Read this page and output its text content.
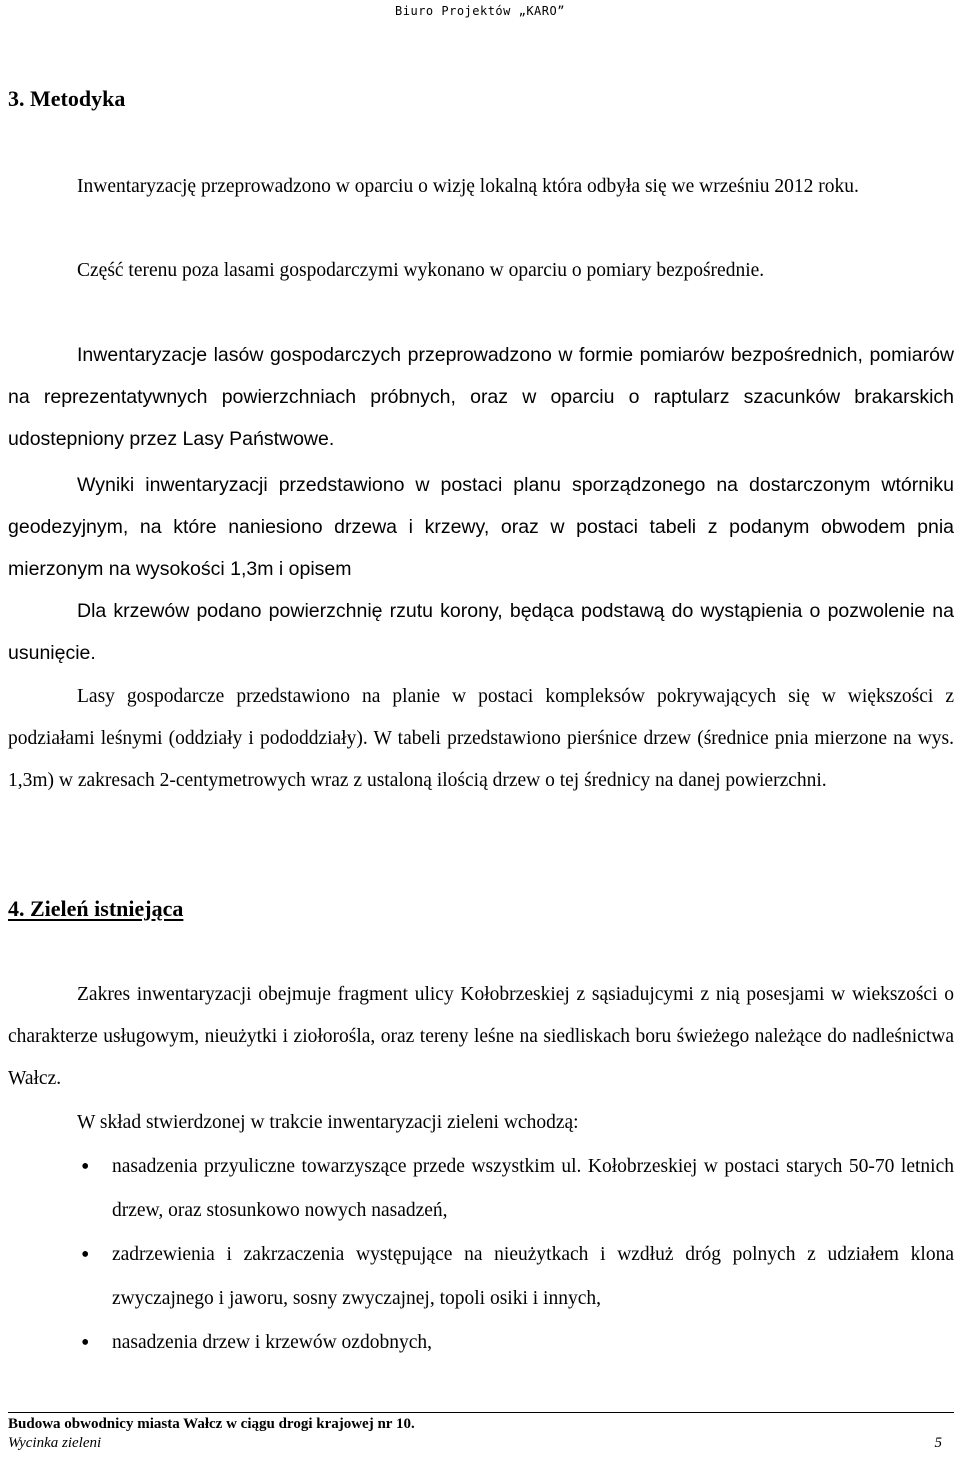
Biuro Projektów „KARO”
3. Metodyka

Inwentaryzację przeprowadzono w oparciu o wizję lokalną która odbyła się we wrześniu 2012 roku.

Część terenu poza lasami gospodarczymi wykonano w oparciu o pomiary bezpośrednie.

Inwentaryzacje lasów gospodarczych przeprowadzono w formie pomiarów bezpośrednich, pomiarów na reprezentatywnych powierzchniach próbnych, oraz w oparciu o raptularz szacunków brakarskich udostepniony przez Lasy Państwowe.

Wyniki inwentaryzacji przedstawiono w postaci planu sporządzonego na dostarczonym wtórniku geodezyjnym, na które naniesiono drzewa i krzewy, oraz w postaci tabeli z podanym obwodem pnia mierzonym na wysokości 1,3m i opisem

Dla krzewów podano powierzchnię rzutu korony, będąca podstawą do wystąpienia o pozwolenie na usunięcie.

Lasy gospodarcze przedstawiono na planie w postaci kompleksów pokrywających się w większości z podziałami leśnymi (oddziały i pododdziały). W tabeli przedstawiono pierśnice drzew (średnice pnia mierzone na wys. 1,3m) w zakresach 2-centymetrowych wraz z ustaloną ilością drzew o tej średnicy na danej powierzchni.

4. Zieleń istniejąca

Zakres inwentaryzacji obejmuje fragment ulicy Kołobrzeskiej z sąsiadujcymi z nią posesjami w wiekszości o charakterze usługowym, nieużytki i ziołorośla, oraz tereny leśne na siedliskach boru świeżego należące do nadleśnictwa Wałcz.

W skład stwierdzonej w trakcie inwentaryzacji zieleni wchodzą:

• nasadzenia przyuliczne towarzyszące przede wszystkim ul. Kołobrzeskiej w postaci starych 50-70 letnich drzew, oraz stosunkowo nowych nasadzeń,
• zadrzewienia i zakrzaczenia występujące na nieużytkach i wzdłuż dróg polnych z udziałem klona zwyczajnego i jaworu, sosny zwyczajnej, topoli osiki i innych,
• nasadzenia drzew i krzewów ozdobnych,
Budowa obwodnicy miasta Wałcz w ciągu drogi krajowej nr 10.
Wycinka zieleni	5
